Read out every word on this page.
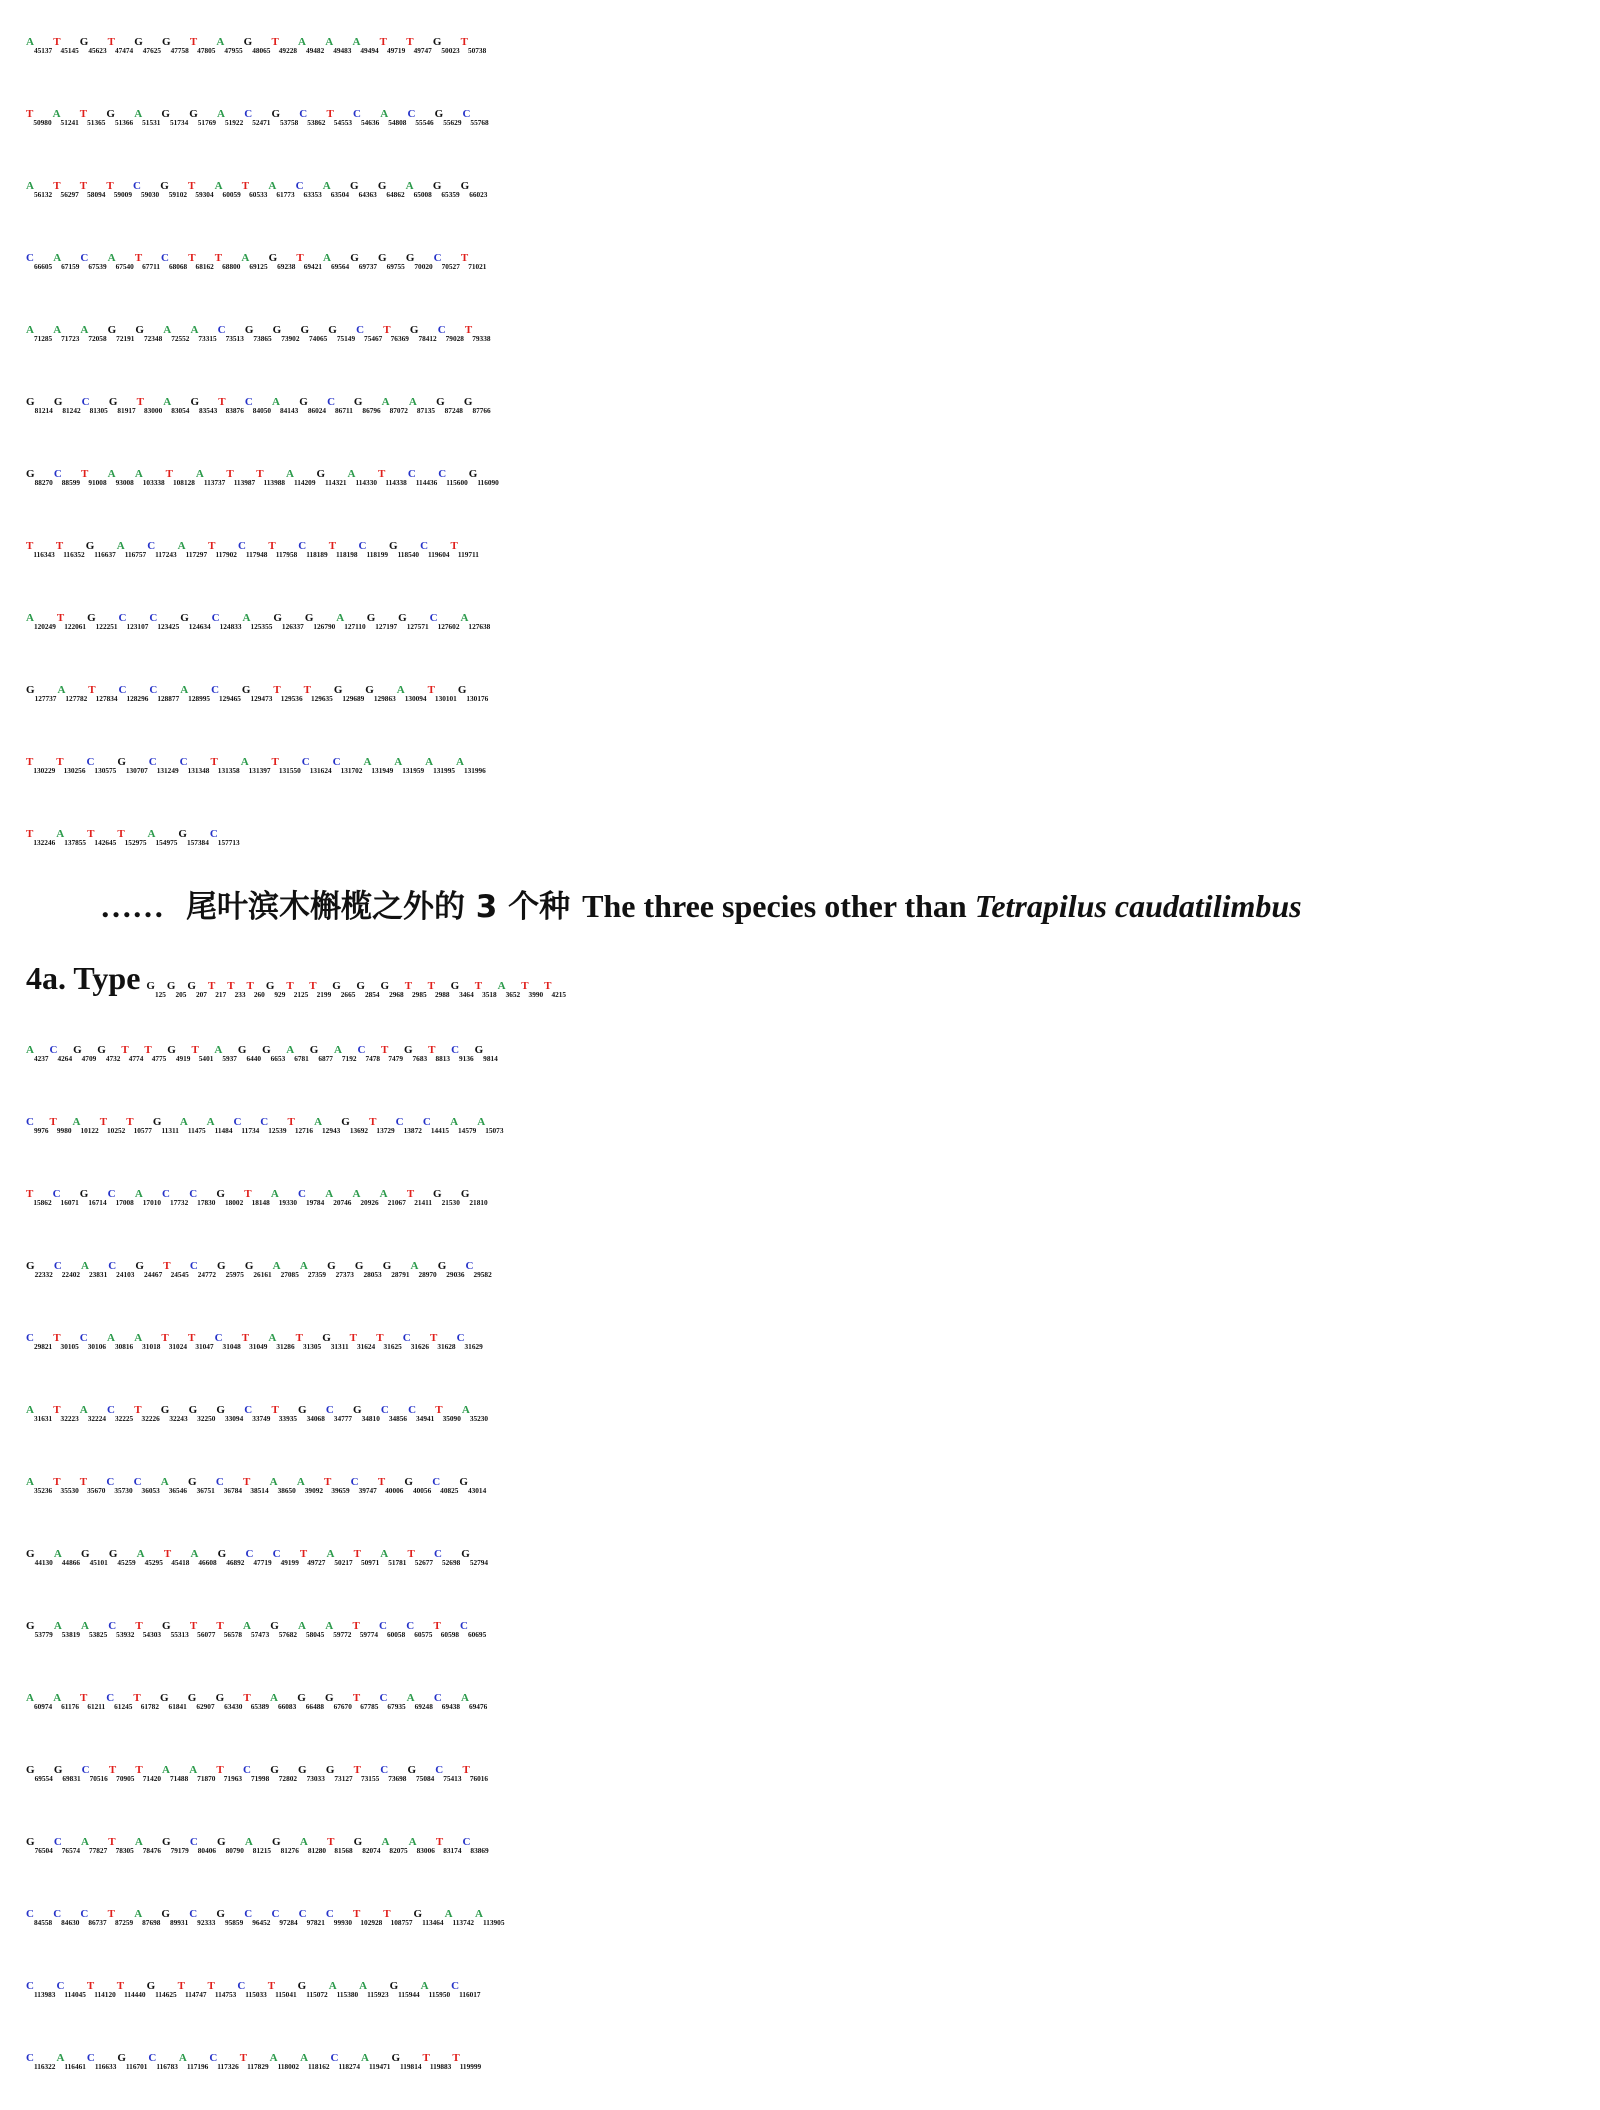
$A_{45137}T_{45145}G_{45623}T_{47474}G_{47625}G_{47758}T_{47805}A_{47955}G_{48065}T_{49228}A_{49482}A_{49483}A_{49494}T_{49719}T_{49747}G_{50023}T_{50738}$
$T_{50980}A_{51241}T_{51365}G_{51366}A_{51531}G_{51734}G_{51769}A_{51922}C_{52471}G_{53758}C_{53862}T_{54553}C_{54636}A_{54808}C_{55546}G_{55629}C_{55768}$
$A_{56132}T_{56297}T_{58094}T_{59009}C_{59030}G_{59102}T_{59304}A_{60059}T_{60533}A_{61773}C_{63353}A_{63504}G_{64363}G_{64862}A_{65008}G_{65359}G_{66023}$
$C_{66605}A_{67159}C_{67539}A_{67540}T_{67711}C_{68068}T_{68162}T_{68800}A_{69125}G_{69238}T_{69421}A_{69564}G_{69737}G_{69755}G_{70020}C_{70527}T_{71021}$
$A_{71285}A_{71723}A_{72058}G_{72191}G_{72348}A_{72552}A_{73315}C_{73513}G_{73865}G_{73902}G_{74065}G_{75149}C_{75467}T_{76369}G_{78412}C_{79028}T_{79338}$
$G_{81214}G_{81242}C_{81305}G_{81917}T_{83000}A_{83054}G_{83543}T_{83876}C_{84050}A_{84143}G_{86024}C_{86711}G_{86796}A_{87072}A_{87135}G_{87248}G_{87766}$
$G_{88270}C_{88599}T_{91008}A_{93008}A_{103338}T_{108128}A_{113737}T_{113987}T_{113988}A_{114209}G_{114321}A_{114330}T_{114338}C_{114436}C_{115600}G_{116090}$
$T_{116343}T_{116352}G_{116637}A_{116757}C_{117243}A_{117297}T_{117902}C_{117948}T_{117958}C_{118189}T_{118198}C_{118199}G_{118540}C_{119604}T_{119711}$
$A_{120249}T_{122061}G_{122251}C_{123107}C_{123425}G_{124634}C_{124833}A_{125355}G_{126337}G_{126790}A_{127110}G_{127197}G_{127571}C_{127602}A_{127638}$
$G_{127737}A_{127782}T_{127834}C_{128296}C_{128877}A_{128995}C_{129465}G_{129473}T_{129536}T_{129635}G_{129689}G_{129863}A_{130094}T_{130101}G_{130176}$
$T_{130229}T_{130256}C_{130575}G_{130707}C_{131249}C_{131348}T_{131358}A_{131397}T_{131550}C_{131624}C_{131702}A_{131949}A_{131959}A_{131995}A_{131996}$
$T_{132246}A_{137855}T_{142645}T_{152975}A_{154975}G_{157384}C_{157713}$
…… 尾叶滨木槲榄之外的 3 个种 The three species other than Tetrapilus caudatilimbus
4a. Type $G_{125}G_{205}G_{207}T_{217}T_{233}T_{260}G_{929}T_{2125}T_{2199}G_{2665}G_{2854}G_{2968}T_{2985}T_{2988}G_{3464}T_{3518}A_{3652}T_{3990}T_{4215}$
$A_{4237}C_{4264}G_{4709}G_{4732}T_{4774}T_{4775}G_{4919}T_{5401}A_{5937}G_{6440}G_{6653}A_{6781}G_{6877}A_{7192}C_{7478}T_{7479}G_{7683}T_{8813}C_{9136}G_{9814}$
$C_{9976}T_{9980}A_{10122}T_{10252}T_{10577}G_{11311}A_{11475}A_{11484}C_{11734}C_{12539}T_{12716}A_{12943}G_{13692}T_{13729}C_{13872}C_{14415}A_{14579}A_{15073}$
$T_{15862}C_{16071}G_{16714}C_{17008}A_{17010}C_{17732}C_{17830}G_{18002}T_{18148}A_{19330}C_{19784}A_{20746}A_{20926}A_{21067}T_{21411}G_{21530}G_{21810}$
$G_{22332}C_{22402}A_{23831}C_{24103}G_{24467}T_{24545}C_{24772}G_{25975}G_{26161}A_{27085}A_{27359}G_{27373}G_{28053}G_{28791}A_{28970}G_{29036}C_{29582}$
$C_{29821}T_{30105}C_{30106}A_{30816}A_{31018}T_{31024}T_{31047}C_{31048}T_{31049}A_{31286}T_{31305}G_{31311}T_{31624}T_{31625}C_{31626}T_{31628}C_{31629}$
$A_{31631}T_{32223}A_{32224}C_{32225}T_{32226}G_{32243}G_{32250}G_{33094}C_{33749}T_{33935}G_{34068}C_{34777}G_{34810}C_{34856}C_{34941}T_{35090}A_{35230}$
$A_{35236}T_{35530}T_{35670}C_{35730}C_{36053}A_{36546}G_{36751}C_{36784}T_{38514}A_{38650}A_{39092}T_{39659}C_{39747}T_{40006}G_{40056}C_{40825}G_{43014}$
$G_{44130}A_{44866}G_{45101}G_{45259}A_{45295}T_{45418}A_{46608}G_{46892}C_{47719}C_{49199}T_{49727}A_{50217}T_{50971}A_{51781}T_{52677}C_{52698}G_{52794}$
$G_{53779}A_{53819}A_{53825}C_{53932}T_{54303}G_{55313}T_{56077}T_{56578}A_{57473}G_{57682}A_{58045}A_{59772}T_{59774}C_{60058}C_{60575}T_{60598}C_{60695}$
$A_{60974}A_{61176}T_{61211}C_{61245}T_{61782}G_{61841}G_{62907}G_{63430}T_{65389}A_{66083}G_{66488}G_{67670}T_{67785}C_{67935}A_{69248}C_{69438}A_{69476}$
$G_{69554}G_{69831}C_{70516}T_{70905}T_{71420}A_{71488}A_{71870}T_{71963}C_{71998}G_{72802}G_{73033}G_{73127}T_{73155}C_{73698}G_{75084}C_{75413}T_{76016}$
$G_{76504}C_{76574}A_{77827}T_{78305}A_{78476}G_{79179}C_{80406}G_{80790}A_{81215}G_{81276}A_{81280}T_{81568}G_{82074}A_{82075}A_{83006}T_{83174}C_{83869}$
$C_{84558}C_{84630}C_{86737}T_{87259}A_{87698}G_{89931}C_{92333}G_{95859}C_{96452}C_{97284}C_{97821}C_{99930}T_{102928}T_{108757}G_{113464}A_{113742}A_{113905}$
$C_{113983}C_{114045}T_{114120}T_{114440}G_{114625}T_{114747}T_{114753}C_{115033}T_{115041}G_{115072}A_{115380}A_{115923}G_{115944}A_{115950}C_{116017}$
$C_{116322}A_{116461}C_{116633}G_{116701}C_{116783}A_{117196}C_{117326}T_{117829}A_{118002}A_{118162}C_{118274}A_{119471}G_{119814}T_{119883}T_{119999}$
